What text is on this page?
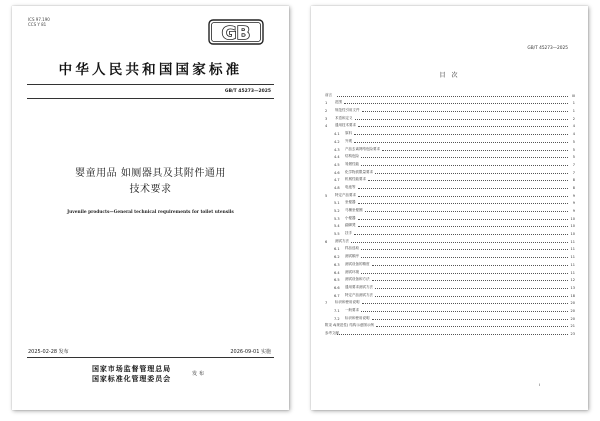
ICS 97.190
CCS Y 81	GB
中华人民共和国国家标准
GB/T 45273—2025
婴童用品 如厕器具及其附件通用
技术要求
Juvenile products—General technical requirements for toilet utensils
2025-02-28 发布	2026-09-01 实施
国家市场监督管理总局
国家标准化管理委员会
发 布
GB/T 45273—2025
目 次
前言	III
1	范围	1
2	规范性引用文件	1
3	术语和定义	2
4	通用技术要求	4
4.1	原料	4
4.2	外观	5
4.3	产品去离网络危险要求	5
4.4	结构危险	5
4.5	易燃性能	7
4.6	化学物质限量要求	7
4.7	机械性能要求	8
4.8	电池等	8
5	特定产品要求	9
5.1	坐便器	9
5.2	马桶坐便圈	9
5.3	小便器	10
5.4	踏脚凳	10
5.5	扶手	10
6	测试方法	11
6.1	样品选取	11
6.2	测试顺序	11
6.3	测试设备的精度	11
6.4	测试环境	11
6.5	测试设备和方法	12
6.6	通用要求测试方法	13
6.7	特定产品测试方法	18
7	标识和使用说明	20
7.1	一般要求	20
7.2	标识和使用说明	20
附录 A (规范性) 结构示意图示例	21
参考文献	23
I
